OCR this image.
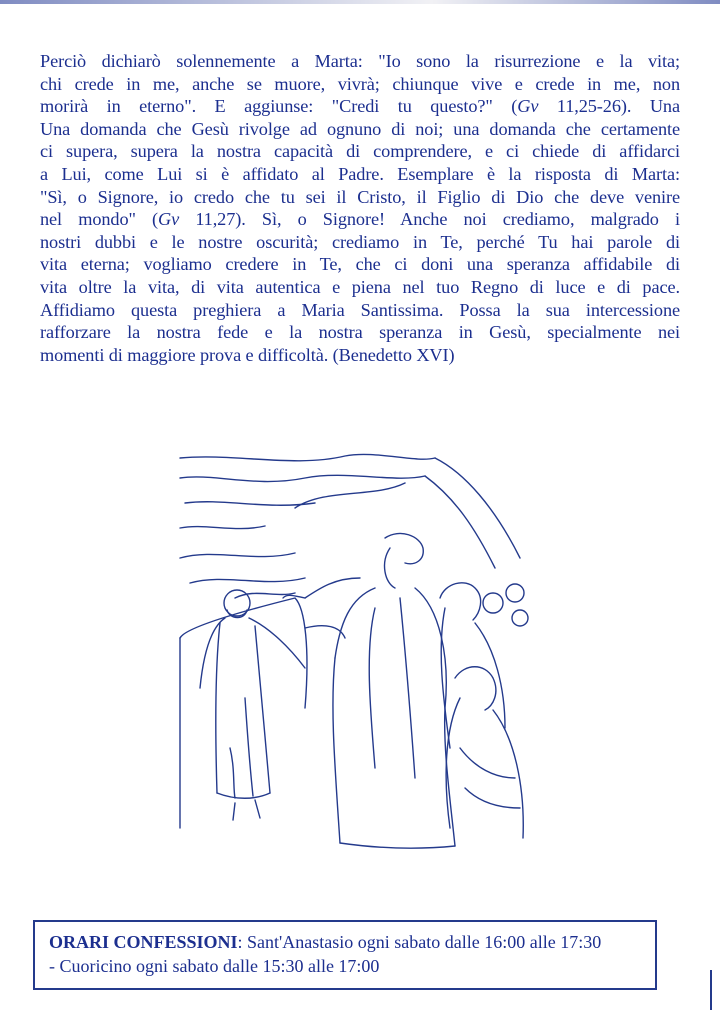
Perciò dichiarò solennemente a Marta: "Io sono la risurrezione e la vita;
chi crede in me, anche se muore, vivrà; chiunque vive e crede in me, non
morirà in eterno". E aggiunse: "Credi tu questo?" (Gv 11,25-26). Una
Una domanda che Gesù rivolge ad ognuno di noi; una domanda che certamente
ci supera, supera la nostra capacità di comprendere, e ci chiede di affidarci
a Lui, come Lui si è affidato al Padre. Esemplare è la risposta di Marta:
"Sì, o Signore, io credo che tu sei il Cristo, il Figlio di Dio che deve venire
nel mondo" (Gv 11,27). Sì, o Signore! Anche noi crediamo, malgrado i
nostri dubbi e le nostre oscurità; crediamo in Te, perché Tu hai parole di
vita eterna; vogliamo credere in Te, che ci doni una speranza affidabile di
vita oltre la vita, di vita autentica e piena nel tuo Regno di luce e di pace.
Affidiamo questa preghiera a Maria Santissima. Possa la sua intercessione
rafforzare la nostra fede e la nostra speranza in Gesù, specialmente nei
momenti di maggiore prova e difficoltà. (Benedetto XVI)
ORARI CONFESSIONI: Sant'Anastasio ogni sabato dalle 16:00 alle 17:30
- Cuoricino ogni sabato dalle 15:30 alle 17:00
